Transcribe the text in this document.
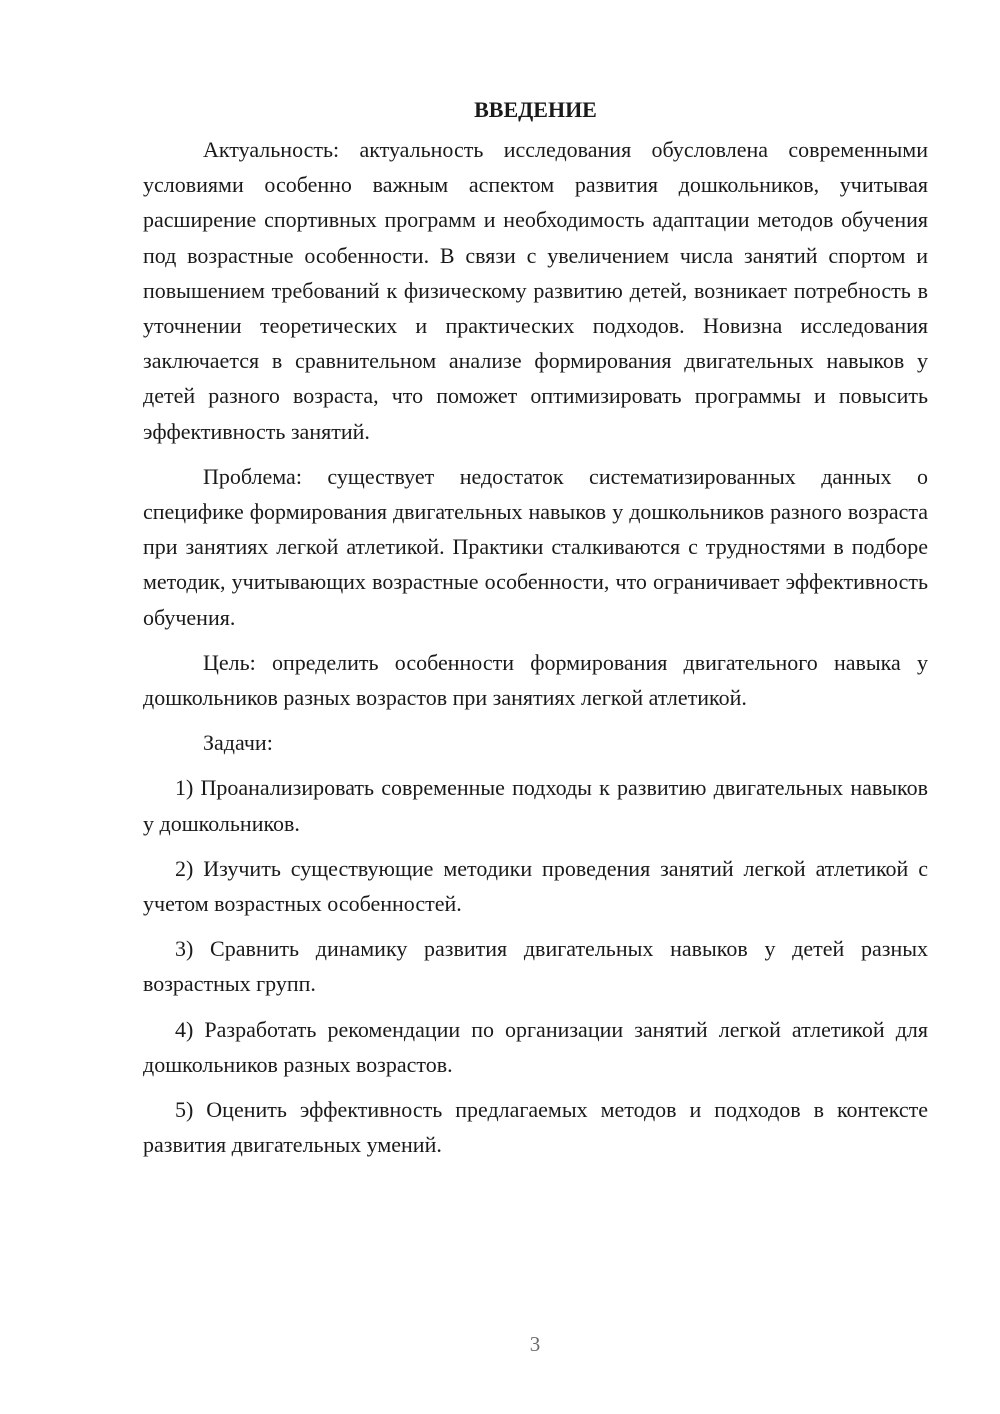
ВВЕДЕНИЕ

Актуальность: актуальность исследования обусловлена современными условиями особенно важным аспектом развития дошкольников, учитывая расширение спортивных программ и необходимость адаптации методов обучения под возрастные особенности. В связи с увеличением числа занятий спортом и повышением требований к физическому развитию детей, возникает потребность в уточнении теоретических и практических подходов. Новизна исследования заключается в сравнительном анализе формирования двигательных навыков у детей разного возраста, что поможет оптимизировать программы и повысить эффективность занятий.

Проблема: существует недостаток систематизированных данных о специфике формирования двигательных навыков у дошкольников разного возраста при занятиях легкой атлетикой. Практики сталкиваются с трудностями в подборе методик, учитывающих возрастные особенности, что ограничивает эффективность обучения.

Цель: определить особенности формирования двигательного навыка у дошкольников разных возрастов при занятиях легкой атлетикой.

Задачи:

1) Проанализировать современные подходы к развитию двигательных навыков у дошкольников.

2) Изучить существующие методики проведения занятий легкой атлетикой с учетом возрастных особенностей.

3) Сравнить динамику развития двигательных навыков у детей разных возрастных групп.

4) Разработать рекомендации по организации занятий легкой атлетикой для дошкольников разных возрастов.

5) Оценить эффективность предлагаемых методов и подходов в контексте развития двигательных умений.

3
